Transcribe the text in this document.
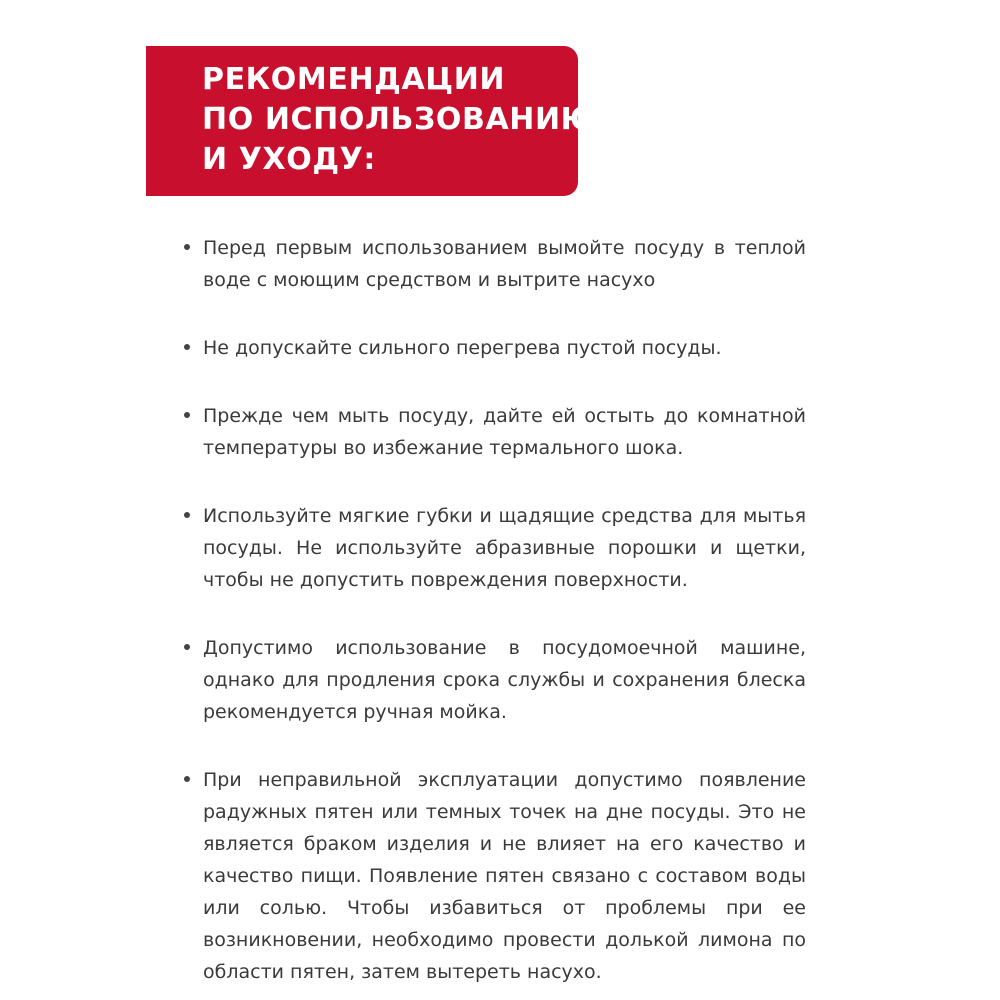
РЕКОМЕНДАЦИИ
ПО ИСПОЛЬЗОВАНИЮ
И УХОДУ:
Перед первым использованием вымойте посуду в теплой воде с моющим средством и вытрите насухо
Не допускайте сильного перегрева пустой посуды.
Прежде чем мыть посуду, дайте ей остыть до комнатной температуры во избежание термального шока.
Используйте мягкие губки и щадящие средства для мытья посуды. Не используйте абразивные порошки и щетки, чтобы не допустить повреждения поверхности.
Допустимо использование в посудомоечной машине, однако для продления срока службы и сохранения блеска рекомендуется ручная мойка.
При неправильной эксплуатации допустимо появление радужных пятен или темных точек на дне посуды. Это не является браком изделия и не влияет на его качество и качество пищи. Появление пятен связано с составом воды или солью. Чтобы избавиться от проблемы при ее возникновении, необходимо провести долькой лимона по области пятен, затем вытереть насухо.
